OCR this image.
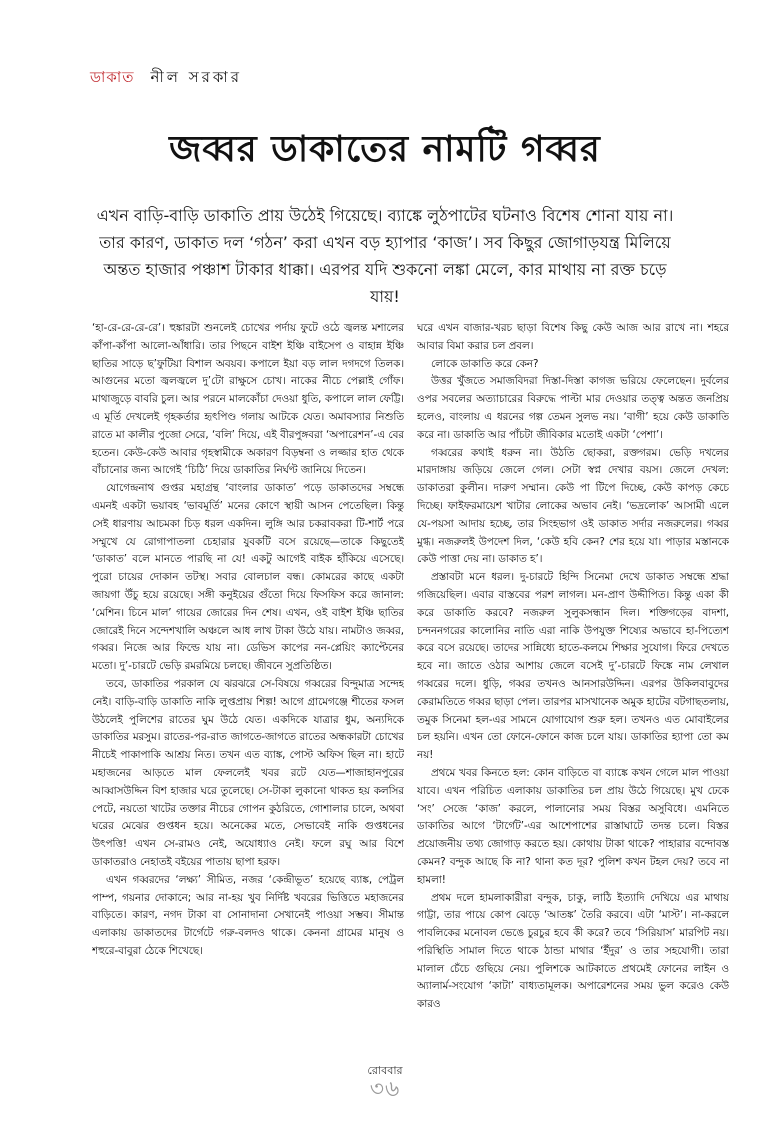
ডাকাত নীল সরকার
জব্বর ডাকাতের নামটি গব্বর
এখন বাড়ি-বাড়ি ডাকাতি প্রায় উঠেই গিয়েছে। ব্যাঙ্কে লুঠপাটের ঘটনাও বিশেষ শোনা যায় না। তার কারণ, ডাকাত দল ‘গঠন’ করা এখন বড় হ্যাপার ‘কাজ’। সব কিছুর জোগাড়যন্ত্র মিলিয়ে অন্তত হাজার পঞ্চাশ টাকার ধাক্কা। এরপর যদি শুকনো লঙ্কা মেলে, কার মাথায় না রক্ত চড়ে যায়!

‘হা-রে-রে-রে-রে’। হুঙ্কারটা শুনলেই চোখের পর্দায় ফুটে ওঠে জ্বলন্ত মশালের কাঁপা-কাঁপা আলো-আঁধারি। তার পিছনে বাইশ ইঞ্চি বাইসেপ ও বাহান্ন ইঞ্চি ছাতির সাড়ে ছ’ফুটিয়া বিশাল অবয়ব। কপালে ইয়া বড় লাল দগদগে তিলক। আগুনের মতো জ্বলজ্বলে দু’টো রাক্ষুসে চোখ। নাকের নীচে পেল্লাই গোঁফ। মাথাজুড়ে বাবরি চুল। আর পরনে মালকোঁচা দেওয়া ধুতি, কপালে লাল ফেট্টি। এ মূর্তি দেখলেই গৃহকর্তার হৃৎপিণ্ড গলায় আটকে যেত। অমাবস্যার নিশুতি রাতে মা কালীর পুজো সেরে, ‘বলি’ দিয়ে, এই বীরপুঙ্গবরা ‘অপারেশন’-এ বের হতেন। কেউ-কেউ আবার গৃহস্বামীকে অকারণ বিড়ম্বনা ও লজ্জার হাত থেকে বাঁচানোর জন্য আগেই ‘চিঠি’ দিয়ে ডাকাতির নির্ঘণ্ট জানিয়ে দিতেন।

যোগেন্দ্রনাথ গুপ্তর মহাগ্রন্থ ‘বাংলার ডাকাত’ পড়ে ডাকাতদের সম্বন্ধে এমনই একটা ভয়াবহ ‘ভাবমূর্তি’ মনের কোণে স্থায়ী আসন পেতেছিল। কিন্তু সেই ধারণায় আচমকা চিড় ধরল একদিন। লুঙ্গি আর চকরাবকরা টি-শার্ট পরে সম্মুখে যে রোগাপাতলা চেহারার যুবকটি বসে রয়েছে—তাকে কিছুতেই ‘ডাকাত’ বলে মানতে পারছি না যে! একটু আগেই বাইক হাঁকিয়ে এসেছে। পুরো চায়ের দোকান তটস্থ। সবার বোলচাল বন্ধ। কোমরের কাছে একটা জায়গা উঁচু হয়ে রয়েছে। সঙ্গী কনুইয়ের গুঁতো দিয়ে ফিসফিস করে জানাল: ‘মেশিন। চিনে মাল’ গায়ের জোরের দিন শেষ। এখন, ওই বাইশ ইঞ্চি ছাতির জোরেই দিনে সন্দেশখালি অঞ্চলে আধ লাখ টাকা উঠে যায়। নামটাও জব্বর, গব্বর। নিজে আর ফিল্ডে যায় না। ডেভিস কাপের নন-প্লেয়িং ক্যাপ্টেনের মতো। দু’-চারটে ভেড়ি রমরমিয়ে চলছে। জীবনে সুপ্রতিষ্ঠিত।

তবে, ডাকাতির পরকাল যে ঝরঝরে সে-বিষয়ে গব্বরের বিন্দুমাত্র সন্দেহ নেই। বাড়ি-বাড়ি ডাকাতি নাকি লুপ্তপ্রায় শিল্প! আগে গ্রামেগঞ্জে শীতের ফসল উঠলেই পুলিশের রাতের ঘুম উঠে যেত। একদিকে যাত্রার ধুম, অন্যদিকে ডাকাতির মরসুম। রাতের-পর-রাত জাগতে-জাগতে রাতের অন্ধকারটা চোখের নীচেই পাকাপাকি আশ্রয় নিত। তখন এত ব্যাঙ্ক, পোস্ট অফিস ছিল না। হাটে মহাজনের আড়তে মাল ফেললেই খবর রটে যেত—শাজাহানপুরের আব্বাসউদ্দিন বিশ হাজার ঘরে তুলেছে। সে-টাকা লুকানো থাকত হয় কলসির পেটে, নয়তো খাটের তক্তার নীচের গোপন কুঠরিতে, গোশালার চালে, অথবা ঘরের মেঝের গুপ্তধন হয়ে। অনেকের মতে, সেভাবেই নাকি গুপ্তধনের উৎপত্তি! এখন সে-রামও নেই, অযোধ্যাও নেই। ফলে রঘু আর বিশে ডাকাতরাও নেহাতই বইয়ের পাতায় ছাপা হরফ।

এখন গব্বরদের ‘লক্ষ্য’ সীমিত, নজর ‘কেন্দ্রীভূত’ হয়েছে ব্যাঙ্ক, পেট্রল পাম্প, গয়নার দোকানে; আর না-হয় খুব নির্দিষ্ট খবরের ভিত্তিতে মহাজনের বাড়িতে। কারণ, নগদ টাকা বা সোনাদানা সেখানেই পাওয়া সম্ভব। সীমান্ত এলাকায় ডাকাতদের টার্গেটে গরু-বলদও থাকে। কেননা গ্রামের মানুষ ও শহুরে-বাবুরা ঠেকে শিখেছে।

ঘরে এখন বাজার-খরচ ছাড়া বিশেষ কিছু কেউ আজ আর রাখে না। শহরে আবার বিমা করার চল প্রবল।

লোকে ডাকাতি করে কেন?

উত্তর খুঁজতে সমাজবিদরা দিস্তা-দিস্তা কাগজ ভরিয়ে ফেলেছেন। দুর্বলের ওপর সবলের অত্যাচারের বিরুদ্ধে পাল্টা মার দেওয়ার তত্ত্ব অন্তত জনপ্রিয় হলেও, বাংলায় এ ধরনের গল্প তেমন সুলভ নয়। ‘বাগী’ হয়ে কেউ ডাকাতি করে না। ডাকাতি আর পাঁচটা জীবিকার মতোই একটা ‘পেশা’।

গব্বরের কথাই ধরুন না। উঠতি ছোকরা, রক্তগরম। ভেড়ি দখলের মারদাঙ্গায় জড়িয়ে জেলে গেল। সেটা স্বপ্ন দেখার বয়স। জেলে দেখল: ডাকাতরা কুলীন। দারুণ সম্মান। কেউ পা টিপে দিচ্ছে, কেউ কাপড় কেচে দিচ্ছে। ফাইফরমায়েশ খাটার লোকের অভাব নেই। ‘ভদ্রলোক’ আসামী এলে যে-পয়সা আদায় হচ্ছে, তার সিংহভাগ ওই ডাকাত সর্দার নজরুলের। গব্বর মুগ্ধ। নজরুলই উপদেশ দিল, ‘কেউ হবি কেন? শের হয়ে যা। পাড়ার মস্তানকে কেউ পাত্তা দেয় না। ডাকাত হ’।

প্রস্তাবটা মনে ধরল। দু-চারটে হিন্দি সিনেমা দেখে ডাকাত সম্বন্ধে শ্রদ্ধা গজিয়েছিল। এবার বাস্তবের পরশ লাগল। মন-প্রাণ উদ্দীপিত। কিন্তু একা কী করে ডাকাতি করবে? নজরুল সুলুকসন্ধান দিল। শক্তিগড়ের বাদশা, চন্দননগরের কালোনির নাতি এরা নাকি উপযুক্ত শিষ্যের অভাবে হা-পিত্যেশ করে বসে রয়েছে। তাদের সান্নিধ্যে হাতে-কলমে শিক্ষার সুযোগ। ফিরে দেখতে হবে না। জাতে ওঠার আশায় জেলে বসেই দু’-চারটে ফিঙ্কে নাম লেখাল গব্বরের দলে। ধুড়ি, গব্বর তখনও আনসারউদ্দিন। এরপর উকিলবাবুদের কেরামতিতে গব্বর ছাড়া পেল। তারপর মাসখানেক অমুক হাটের বটগাছতলায়, তমুক সিনেমা হল-এর সামনে যোগাযোগ শুরু হল। তখনও এত মোবাইলের চল হয়নি। এখন তো ফোনে-ফোনে কাজ চলে যায়। ডাকাতির হ্যাপা তো কম নয়!

প্রথমে খবর কিনতে হল: কোন বাড়িতে বা ব্যাঙ্কে কখন গেলে মাল পাওয়া যাবে। এখন পরিচিত এলাকায় ডাকাতির চল প্রায় উঠে গিয়েছে। মুখ ঢেকে ‘সং’ সেজে ‘কাজ’ করলে, পালানোর সময় বিস্তর অসুবিধে। এমনিতে ডাকাতির আগে ‘টার্গেট’-এর আশেপাশের রাস্তাঘাটে তদন্ত চলে। বিস্তর প্রয়োজনীয় তথ্য জোগাড় করতে হয়। কোথায় টাকা থাকে? পাহারার বন্দোবস্ত কেমন? বন্দুক আছে কি না? থানা কত দূর? পুলিশ কখন টহল দেয়? তবে না হামলা!

প্রথম দলে হামলাকারীরা বন্দুক, চাকু, লাঠি ইত্যাদি দেখিয়ে এর মাথায় গাট্টা, তার পায়ে কোপ ঝেড়ে ‘আতঙ্ক’ তৈরি করবে। এটা ‘মাস্ট’। না-করলে পাবলিকের মনোবল ভেঙে চুরচুর হবে কী করে? তবে ‘সিরিয়াস’ মারপিট নয়। পরিস্থিতি সামাল দিতে থাকে ঠান্ডা মাথার ‘ইঁদুর’ ও তার সহযোগী। তারা মালাল চেঁচে গুছিয়ে নেয়। পুলিশকে আটকাতে প্রথমেই ফোনের লাইন ও অ্যালার্ম-সংযোগ ‘কাটা’ বাধ্যতামূলক। অপারেশনের সময় ভুল করেও কেউ কারও

রোববার
৩৬
